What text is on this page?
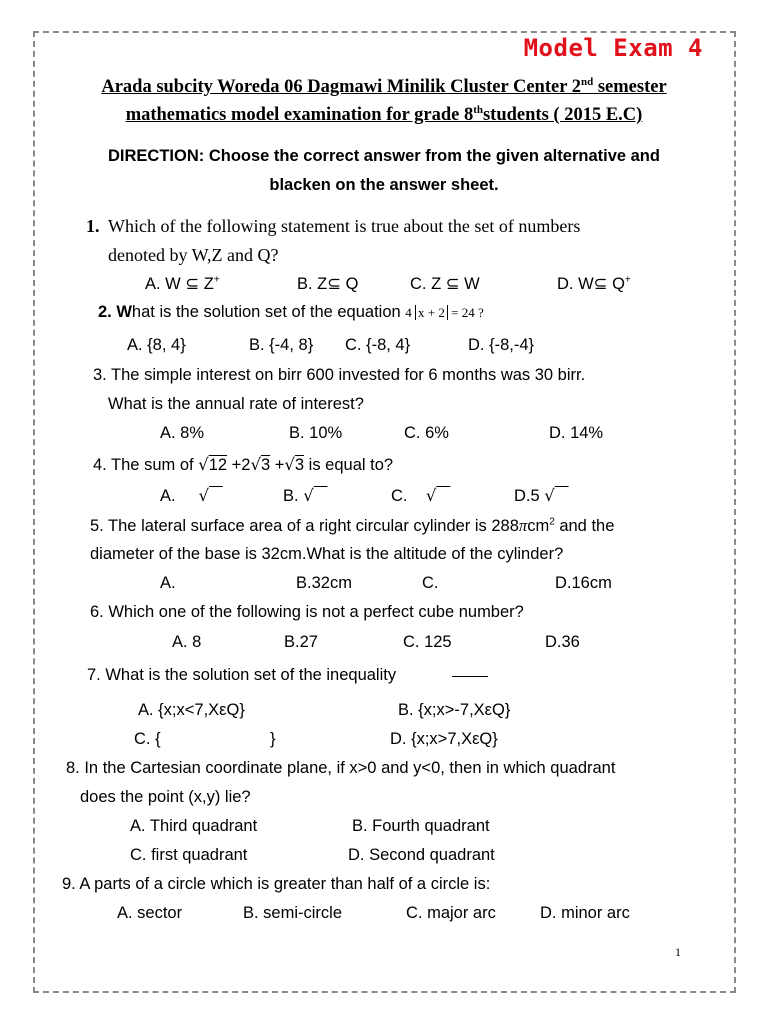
Model Exam 4
Arada subcity Woreda 06 Dagmawi Minilik Cluster Center 2nd semester
mathematics model examination for grade 8thstudents ( 2015 E.C)
DIRECTION: Choose the correct answer from the given alternative and
blacken on the answer sheet.
1. Which of the following statement is true about the set of numbers
denoted by W,Z and Q?
A. W ⊆ Z+	B. Z⊆ Q	C. Z ⊆ W	D. W⊆ Q+
2. What is the solution set of the equation 4 x + 2 = 24 ?
A. {8, 4}	B. {-4, 8} C. {-8, 4}	D. {-8,-4}
3. The simple interest on birr 600 invested for 6 months was 30 birr.
What is the annual rate of interest?
A. 8%	B. 10%	C. 6%	D. 14%
4. The sum of √12 +2√3 +√3 is equal to?
A. √	B. √	C. √	D.5 √
5. The lateral surface area of a right circular cylinder is 288πcm$^2$ and the
diameter of the base is 32cm.What is the altitude of the cylinder?
A.	B.32cm	C.	D.16cm
6. Which one of the following is not a perfect cube number?
A. 8	B.27	C. 125	D.36
7. What is the solution set of the inequality
A. {x;x<7,XεQ}	B. {x;x>-7,XεQ}
C. {	}	D. {x;x>7,XεQ}
8. In the Cartesian coordinate plane, if x>0 and y<0, then in which quadrant
does the point (x,y) lie?
A. Third quadrant	B. Fourth quadrant
C. first quadrant	D. Second quadrant
9. A parts of a circle which is greater than half of a circle is:
A. sector	B. semi-circle	C. major arc	D. minor arc
1
